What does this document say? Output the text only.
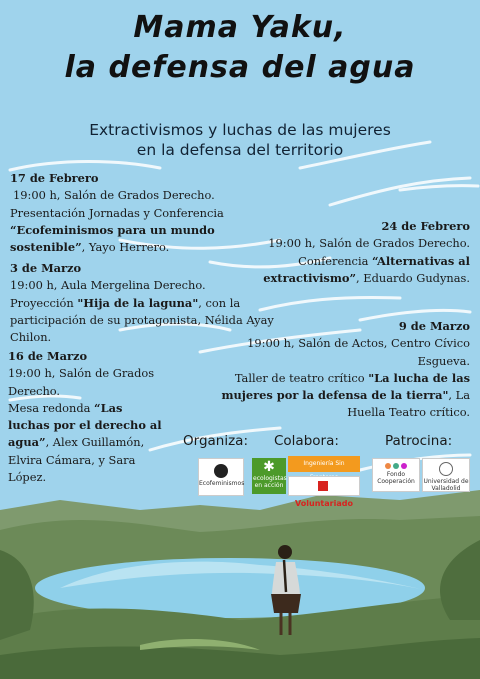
Mama Yaku,
la defensa del agua
Extractivismos y luchas de las mujeres
en la defensa del territorio
17 de Febrero
19:00 h, Salón de Grados Derecho.
Presentación Jornadas y Conferencia “Ecofeminismos para un mundo sostenible”, Yayo Herrero.
24 de Febrero
19:00 h, Salón de Grados Derecho.
Conferencia “Alternativas al extractivismo”, Eduardo Gudynas.
3 de Marzo
19:00 h, Aula Mergelina Derecho.
Proyección "Hija de la laguna", con la participación de su protagonista, Nélida Ayay Chilon.
9 de Marzo
19:00 h, Salón de Actos, Centro Cívico Esgueva.
Taller de teatro crítico "La lucha de las mujeres por la defensa de la tierra", La Huella Teatro crítico.
16 de Marzo
19:00 h, Salón de Grados Derecho.
Mesa redonda “Las luchas por el derecho al agua”, Alex Guillamón, Elvira Cámara, y Sara López.
Organiza: Colabora:	Patrocina:
Ecofeminismos
✱
ecologistas en acción
Ingeniería Sin
Voluntariado

Fondo Cooperación	Universidad de Valladolid
